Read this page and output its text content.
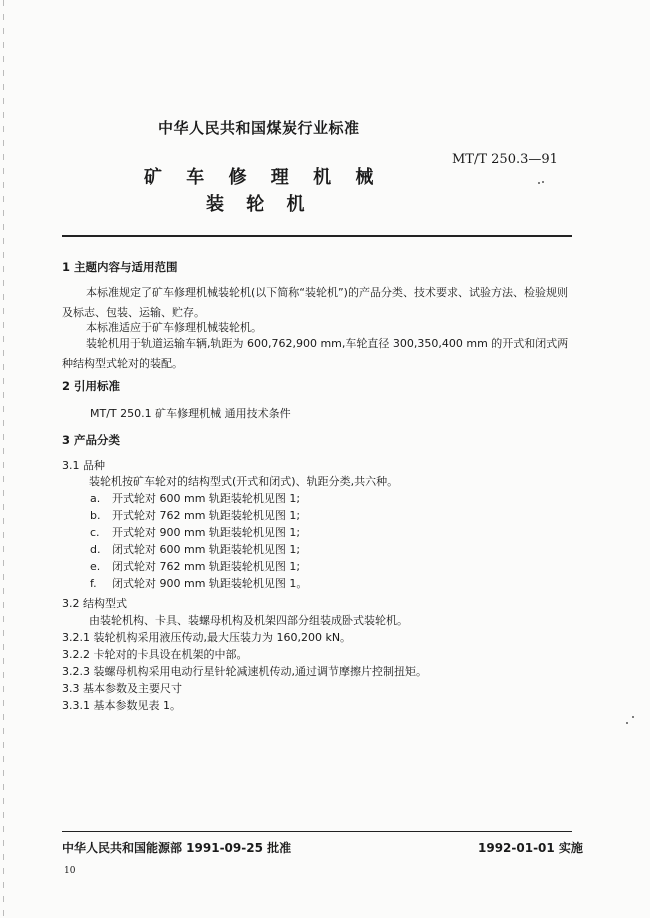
中华人民共和国煤炭行业标准
MT/T 250.3—91
矿 车 修 理 机 械
装 轮 机
1 主题内容与适用范围
本标准规定了矿车修理机械装轮机(以下简称“装轮机”)的产品分类、技术要求、试验方法、检验规则及标志、包装、运输、贮存。
本标准适应于矿车修理机械装轮机。
装轮机用于轨道运输车辆,轨距为 600,762,900 mm,车轮直径 300,350,400 mm 的开式和闭式两种结构型式轮对的装配。
2 引用标准
MT/T 250.1 矿车修理机械 通用技术条件
3 产品分类
3.1 品种
装轮机按矿车轮对的结构型式(开式和闭式)、轨距分类,共六种。
a. 开式轮对 600 mm 轨距装轮机见图 1;
b. 开式轮对 762 mm 轨距装轮机见图 1;
c. 开式轮对 900 mm 轨距装轮机见图 1;
d. 闭式轮对 600 mm 轨距装轮机见图 1;
e. 闭式轮对 762 mm 轨距装轮机见图 1;
f. 闭式轮对 900 mm 轨距装轮机见图 1。
3.2 结构型式
由装轮机构、卡具、装螺母机构及机架四部分组装成卧式装轮机。
3.2.1 装轮机构采用液压传动,最大压装力为 160,200 kN。
3.2.2 卡轮对的卡具设在机架的中部。
3.2.3 装螺母机构采用电动行星针轮减速机传动,通过调节摩擦片控制扭矩。
3.3 基本参数及主要尺寸
3.3.1 基本参数见表 1。
中华人民共和国能源部 1991-09-25 批准	1992-01-01 实施
10
